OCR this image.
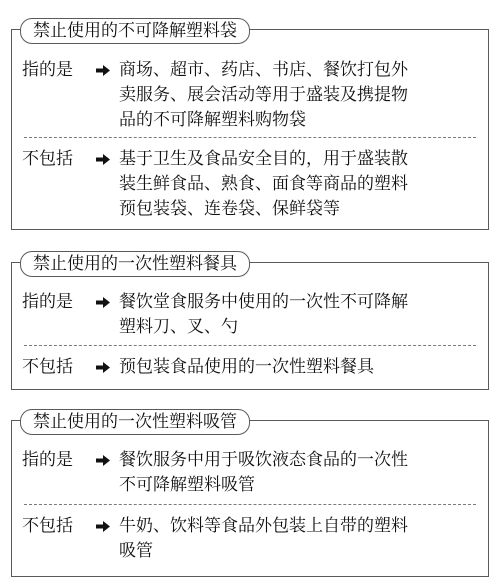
禁止使用的不可降解塑料袋
指的是	商场、超市、药店、书店、餐饮打包外
卖服务、展会活动等用于盛装及携提物
品的不可降解塑料购物袋
不包括	基于卫生及食品安全目的，用于盛装散
装生鲜食品、熟食、面食等商品的塑料
预包装袋、连卷袋、保鲜袋等
禁止使用的一次性塑料餐具
指的是	餐饮堂食服务中使用的一次性不可降解
塑料刀、叉、勺
不包括	预包装食品使用的一次性塑料餐具
禁止使用的一次性塑料吸管
指的是	餐饮服务中用于吸饮液态食品的一次性
不可降解塑料吸管
不包括	牛奶、饮料等食品外包装上自带的塑料
吸管
